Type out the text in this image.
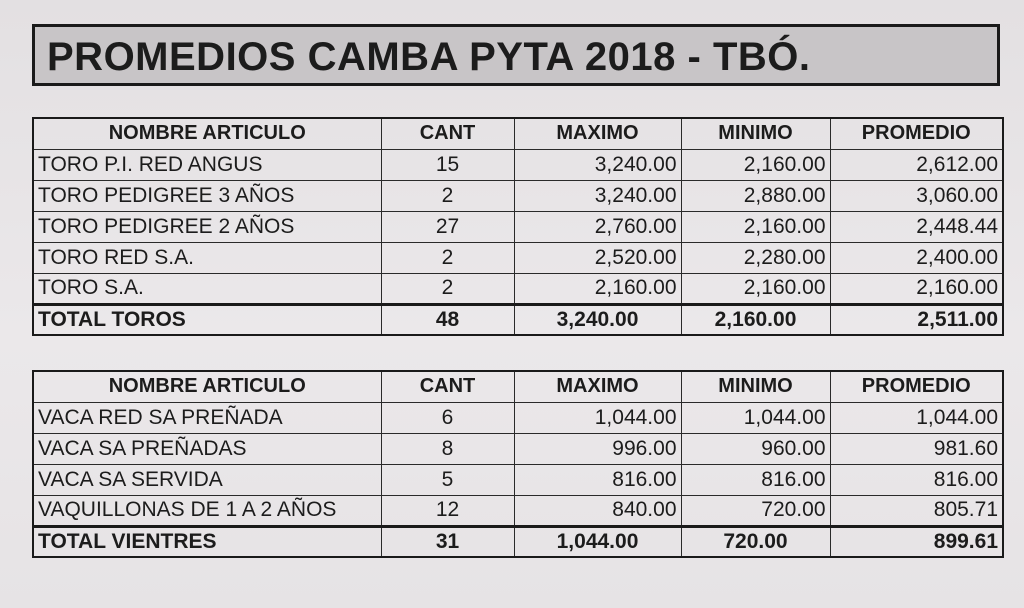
PROMEDIOS CAMBA PYTA 2018 - TBÓ.
NOMBRE ARTICULO	CANT	MAXIMO	MINIMO	PROMEDIO
TORO P.I. RED ANGUS	15	3,240.00	2,160.00	2,612.00
TORO PEDIGREE 3 AÑOS	2	3,240.00	2,880.00	3,060.00
TORO PEDIGREE 2 AÑOS	27	2,760.00	2,160.00	2,448.44
TORO RED S.A.	2	2,520.00	2,280.00	2,400.00
TORO S.A.	2	2,160.00	2,160.00	2,160.00
TOTAL TOROS	48	3,240.00	2,160.00	2,511.00
NOMBRE ARTICULO	CANT	MAXIMO	MINIMO	PROMEDIO
VACA RED SA PREÑADA	6	1,044.00	1,044.00	1,044.00
VACA SA PREÑADAS	8	996.00	960.00	981.60
VACA SA SERVIDA	5	816.00	816.00	816.00
VAQUILLONAS DE 1 A 2 AÑOS	12	840.00	720.00	805.71
TOTAL VIENTRES	31	1,044.00	720.00	899.61
